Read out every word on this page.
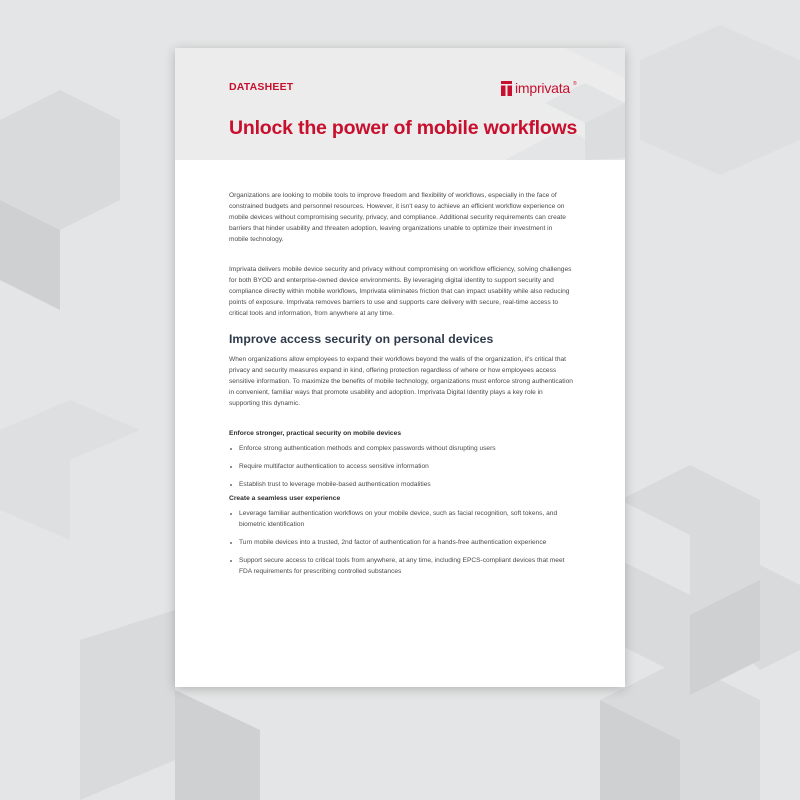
DATASHEET	imprivata ®
Unlock the power of mobile workflows

Organizations are looking to mobile tools to improve freedom and flexibility of workflows, especially in the face of constrained budgets and personnel resources. However, it isn't easy to achieve an efficient workflow experience on mobile devices without compromising security, privacy, and compliance. Additional security requirements can create barriers that hinder usability and threaten adoption, leaving organizations unable to optimize their investment in mobile technology.

Imprivata delivers mobile device security and privacy without compromising on workflow efficiency, solving challenges for both BYOD and enterprise-owned device environments. By leveraging digital identity to support security and compliance directly within mobile workflows, Imprivata eliminates friction that can impact usability while also reducing points of exposure. Imprivata removes barriers to use and supports care delivery with secure, real-time access to critical tools and information, from anywhere at any time.

Improve access security on personal devices

When organizations allow employees to expand their workflows beyond the walls of the organization, it's critical that privacy and security measures expand in kind, offering protection regardless of where or how employees access sensitive information. To maximize the benefits of mobile technology, organizations must enforce strong authentication in convenient, familiar ways that promote usability and adoption. Imprivata Digital Identity plays a key role in supporting this dynamic.

Enforce stronger, practical security on mobile devices
Enforce strong authentication methods and complex passwords without disrupting users
Require multifactor authentication to access sensitive information
Establish trust to leverage mobile-based authentication modalities
Create a seamless user experience
Leverage familiar authentication workflows on your mobile device, such as facial recognition, soft tokens, and biometric identification
Turn mobile devices into a trusted, 2nd factor of authentication for a hands-free authentication experience
Support secure access to critical tools from anywhere, at any time, including EPCS-compliant devices that meet FDA requirements for prescribing controlled substances
